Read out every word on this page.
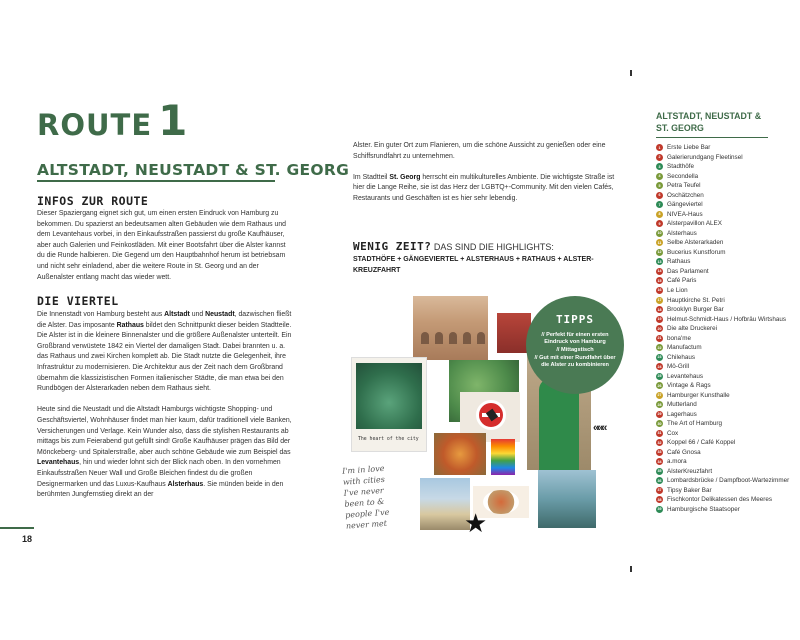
ROUTE 1
ALTSTADT, NEUSTADT & ST. GEORG
INFOS ZUR ROUTE
Dieser Spaziergang eignet sich gut, um einen ersten Eindruck von Hamburg zu bekommen. Du spazierst an bedeutsamen alten Gebäuden wie dem Rathaus und dem Levantehaus vorbei, in den Einkaufsstraßen passierst du große Kaufhäuser, aber auch Galerien und Feinkostläden. Mit einer Bootsfahrt über die Alster kannst du die Runde halbieren. Die Gegend um den Hauptbahnhof herum ist betriebsam und nicht sehr einladend, aber die weitere Route in St. Georg und an der Außenalster entlang macht das wieder wett.
DIE VIERTEL

Die Innenstadt von Hamburg besteht aus Altstadt und Neustadt, dazwischen fließt die Alster. Das imposante Rathaus bildet den Schnittpunkt dieser beiden Stadtteile. Die Alster ist in die kleinere Binnenalster und die größere Außenalster unterteilt. Ein Großbrand verwüstete 1842 ein Viertel der damaligen Stadt. Dabei brannten u. a. das Rathaus und zwei Kirchen komplett ab. Die Stadt nutzte die Gelegenheit, ihre Infrastruktur zu modernisieren. Die Architektur aus der Zeit nach dem Großbrand übernahm die klassizistischen Formen italienischer Städte, die man etwa bei den Rundbögen der Alsterarkaden neben dem Rathaus sieht.

Heute sind die Neustadt und die Altstadt Hamburgs wichtigste Shopping- und Geschäftsviertel, Wohnhäuser findet man hier kaum, dafür traditionell viele Banken, Versicherungen und Verlage. Kein Wunder also, dass die stylishen Restaurants ab mittags bis zum Feierabend gut gefüllt sind! Große Kaufhäuser prägen das Bild der Mönckeberg- und Spitalerstraße, aber auch schöne Gebäude wie zum Beispiel das Levantehaus, hin und wieder lohnt sich der Blick nach oben. In den vornehmen Einkaufsstraßen Neuer Wall und Große Bleichen findest du die großen Designermarken und das Luxus-Kaufhaus Alsterhaus. Sie münden beide in den berühmten Jungfernstieg direkt an der

18

Alster. Ein guter Ort zum Flanieren, um die schöne Aussicht zu genießen oder eine Schiffsrundfahrt zu unternehmen.

Im Stadtteil St. Georg herrscht ein multikulturelles Ambiente. Die wichtigste Straße ist hier die Lange Reihe, sie ist das Herz der LGBTQ+-Community. Mit den vielen Cafés, Restaurants und Geschäften ist es hier sehr lebendig.

WENIG ZEIT? DAS SIND DIE HIGHLIGHTS:
STADTHÖFE + GÄNGEVIERTEL + ALSTERHAUS + RATHAUS + ALSTER-KREUZFAHRT
The heart of the city
★
I'm in love with cities I've never been to & people I've never met
«««
TIPPS
// Perfekt für einen ersten Eindruck von Hamburg
// Mittagstisch
// Gut mit einer Rundfahrt über die Alster zu kombinieren
ALTSTADT, NEUSTADT & ST. GEORG
1	Erste Liebe Bar
2	Galerierundgang Fleetinsel
3	Stadthöfe
4	Secondella
5	Petra Teufel
6	Oschätzchen
7	Gängeviertel
8	NIVEA-Haus
9	Alsterpavillon ALEX
10 Alsterhaus
11 Selbe Alsterarkaden
12 Bucerius Kunstforum
13 Rathaus
14 Das Parlament
15 Café Paris
16 Le Lion
17 Hauptkirche St. Petri
18 Brooklyn Burger Bar
19 Helmut-Schmidt-Haus / Hofbräu Wirtshaus
20 Die alte Druckerei
21 bona'me
22 Manufactum
23 Chilehaus
24 Mö-Grill
25 Levantehaus
26 Vintage & Rags
27 Hamburger Kunsthalle
28 Mutterland
29 Lagerhaus
30 The Art of Hamburg
31 Cox
32 Koppel 66 / Café Koppel
33 Café Gnosa
34 a.mora
35 AlsterKreuzfahrt
36 Lombardsbrücke / Dampfboot-Wartezimmer
37 Tipsy Baker Bar
38 Fischkontor Delikatessen des Meeres
39 Hamburgische Staatsoper
